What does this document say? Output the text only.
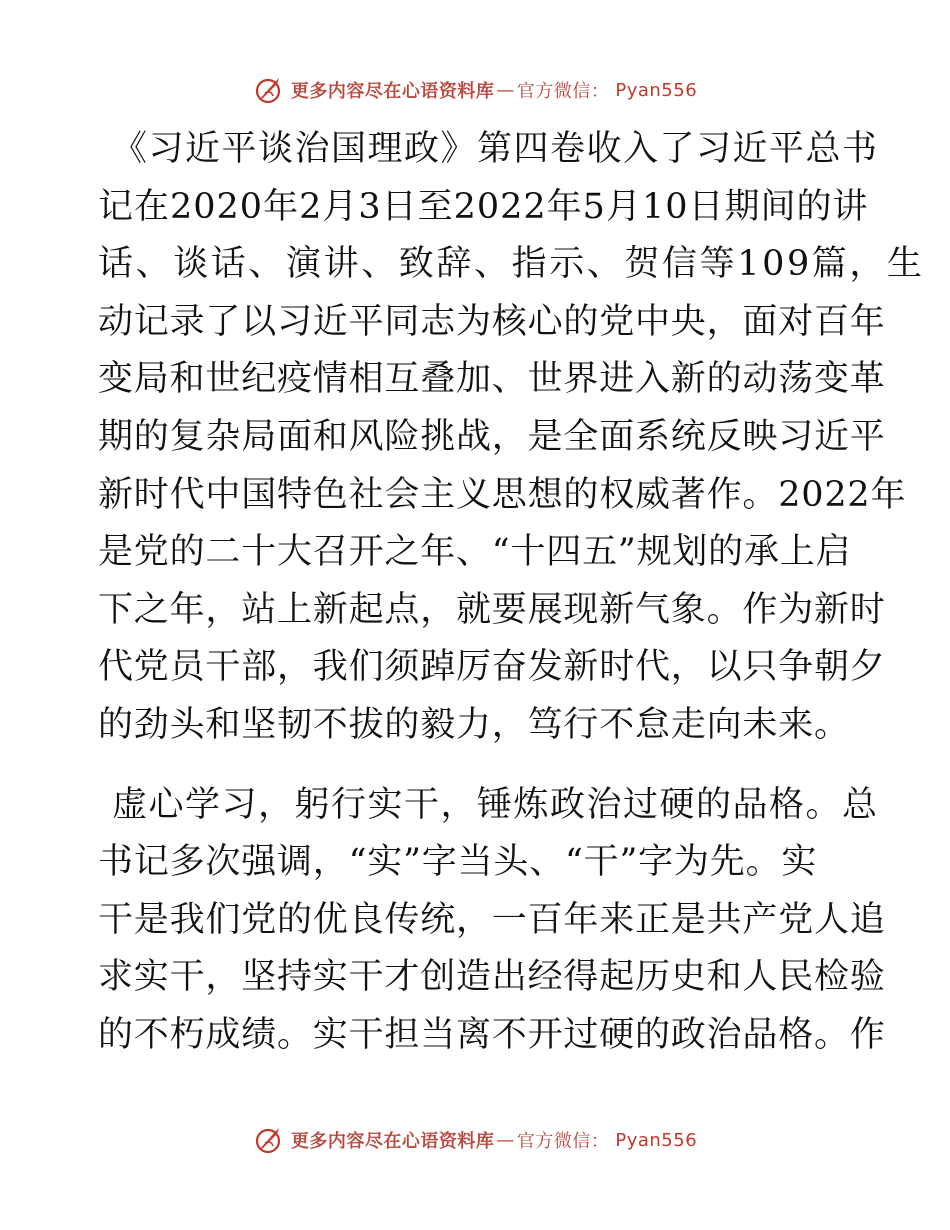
更多内容尽在心语资料库 — 官方微信： Pyan556

《习近平谈治国理政》第四卷收入了习近平总书
记在2020年2月3日至2022年5月10日期间的讲
话、谈话、演讲、致辞、指示、贺信等109篇，生
动记录了以习近平同志为核心的党中央，面对百年
变局和世纪疫情相互叠加、世界进入新的动荡变革
期的复杂局面和风险挑战，是全面系统反映习近平
新时代中国特色社会主义思想的权威著作。2022年
是党的二十大召开之年、“十四五”规划的承上启
下之年，站上新起点，就要展现新气象。作为新时
代党员干部，我们须踔厉奋发新时代，以只争朝夕
的劲头和坚韧不拔的毅力，笃行不怠走向未来。

虚心学习，躬行实干，锤炼政治过硬的品格。总
书记多次强调，“实”字当头、“干”字为先。实
干是我们党的优良传统，一百年来正是共产党人追
求实干，坚持实干才创造出经得起历史和人民检验
的不朽成绩。实干担当离不开过硬的政治品格。作

更多内容尽在心语资料库 — 官方微信： Pyan556
